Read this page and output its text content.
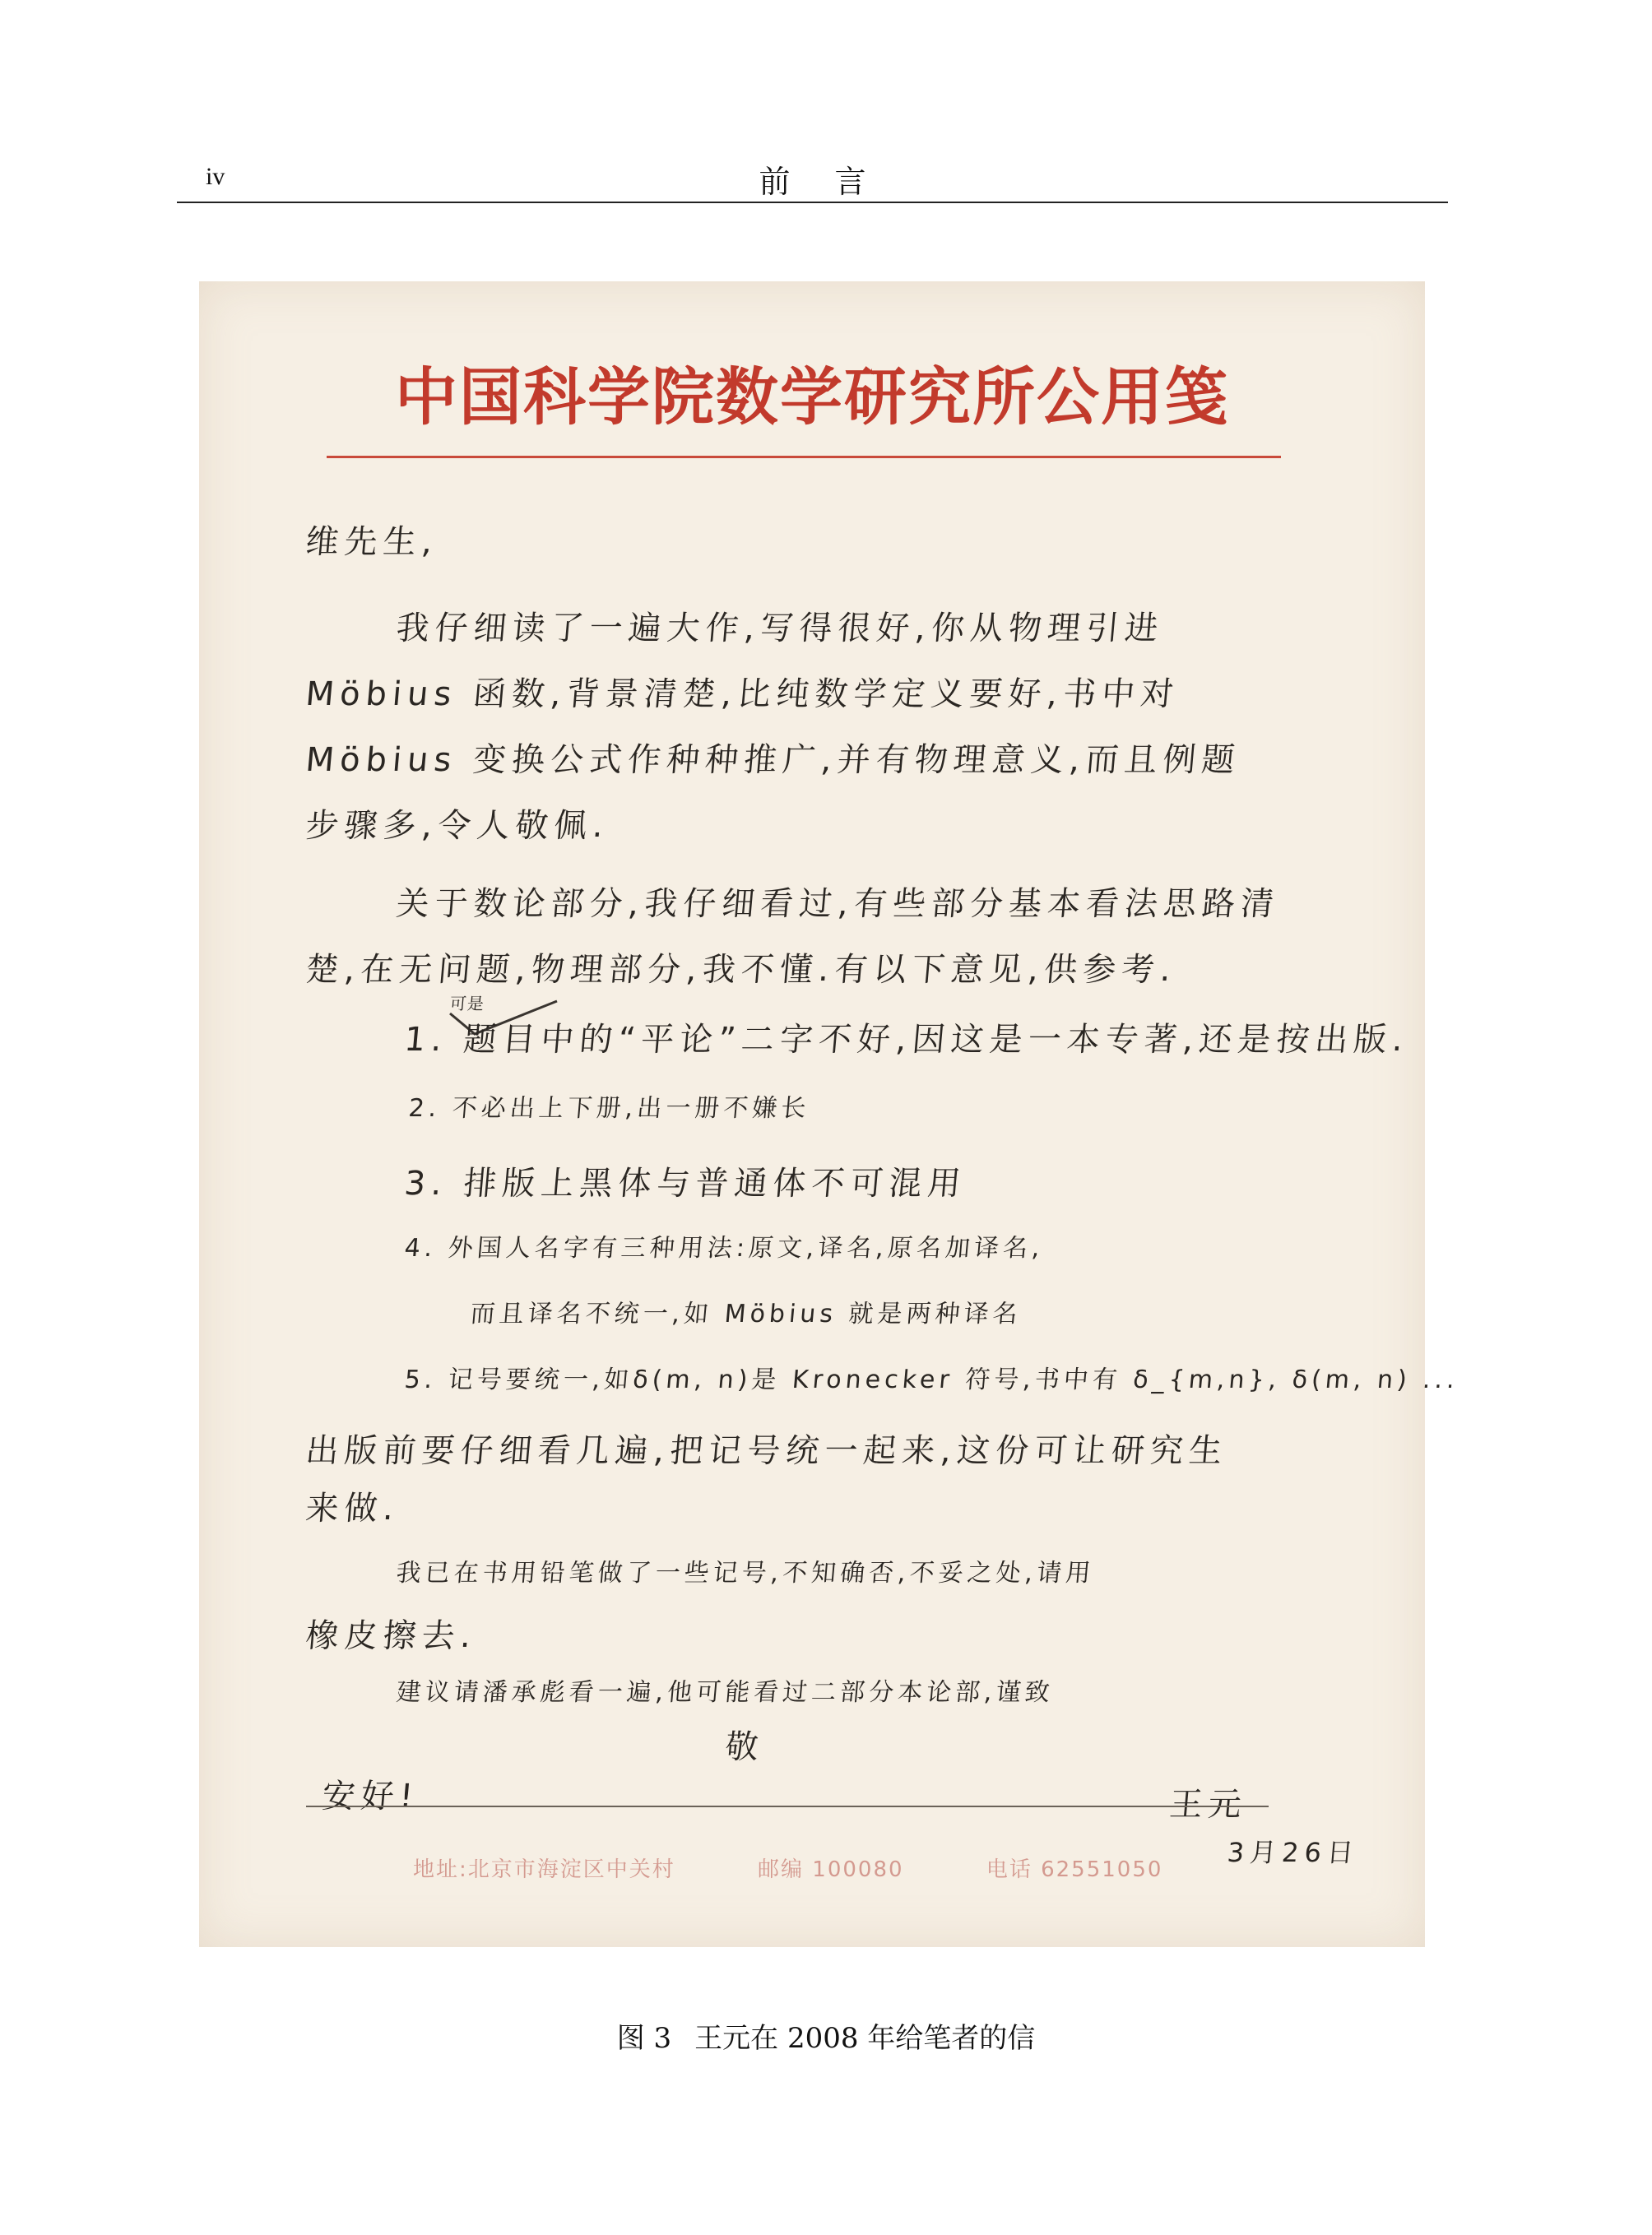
iv	前言
中国科学院数学研究所公用笺
维先生,
我仔细读了一遍大作,写得很好,你从物理引进
Möbius 函数,背景清楚,比纯数学定义要好,书中对
Möbius 变换公式作种种推广,并有物理意义,而且例题
步骤多,令人敬佩.
关于数论部分,我仔细看过,有些部分基本看法思路清
楚,在无问题,物理部分,我不懂.有以下意见,供参考.
可是
1. 题目中的“平论”二字不好,因这是一本专著,还是按出版.
2. 不必出上下册,出一册不嫌长
3. 排版上黑体与普通体不可混用
4. 外国人名字有三种用法:原文,译名,原名加译名,
而且译名不统一,如 Möbius 就是两种译名
5. 记号要统一,如δ(m, n)是 Kronecker 符号,书中有 δ_{m,n}, δ(m, n) ...
出版前要仔细看几遍,把记号统一起来,这份可让研究生
来做.
我已在书用铅笔做了一些记号,不知确否,不妥之处,请用
橡皮擦去.
建议请潘承彪看一遍,他可能看过二部分本论部,谨致
敬
安好!	王元
地址:北京市海淀区中关村	邮编 100080	电话 62551050
3月26日
图 3 王元在 2008 年给笔者的信
